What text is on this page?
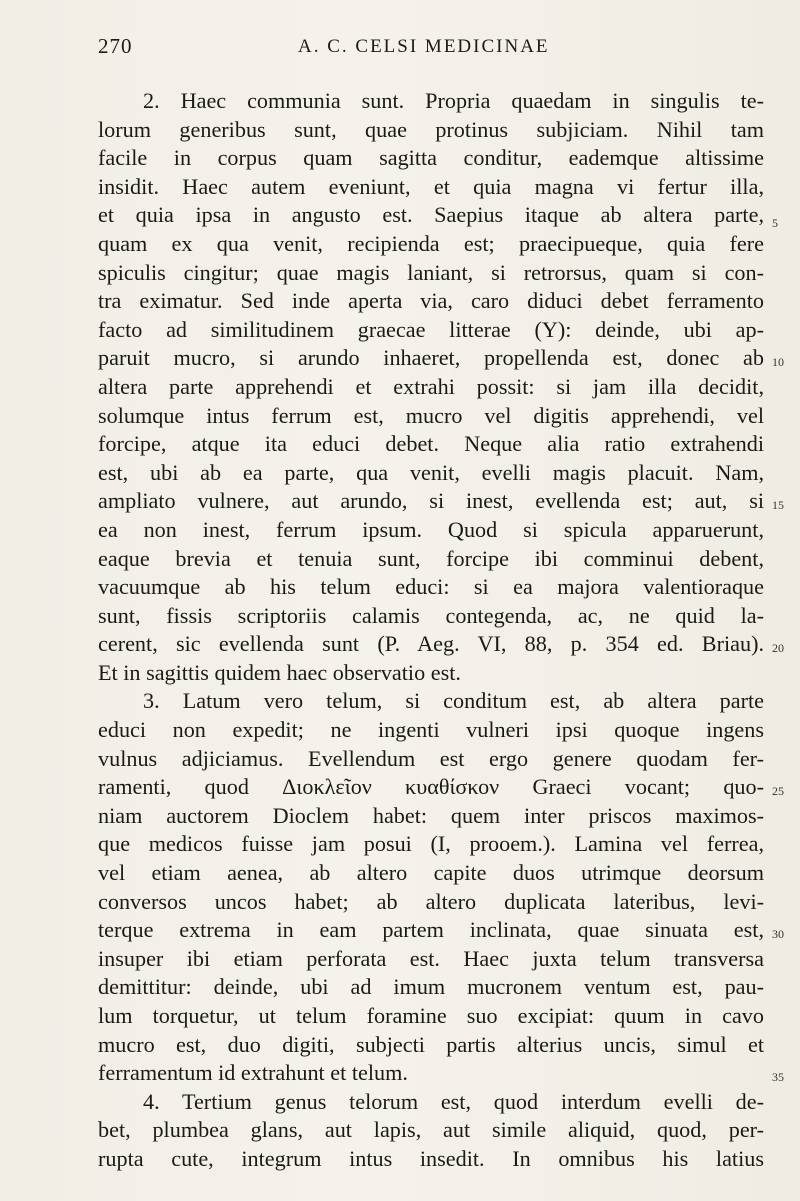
270	A. C. CELSI MEDICINAE
2. Haec communia sunt. Propria quaedam in singulis te-
lorum generibus sunt, quae protinus subjiciam. Nihil tam
facile in corpus quam sagitta conditur, eademque altissime
insidit. Haec autem eveniunt, et quia magna vi fertur illa,
et quia ipsa in angusto est. Saepius itaque ab altera parte,
quam ex qua venit, recipienda est; praecipueque, quia fere
spiculis cingitur; quae magis laniant, si retrorsus, quam si con-
tra eximatur. Sed inde aperta via, caro diduci debet ferramento
facto ad similitudinem graecae litterae (Y): deinde, ubi ap-
paruit mucro, si arundo inhaeret, propellenda est, donec ab
altera parte apprehendi et extrahi possit: si jam illa decidit,
solumque intus ferrum est, mucro vel digitis apprehendi, vel
forcipe, atque ita educi debet. Neque alia ratio extrahendi
est, ubi ab ea parte, qua venit, evelli magis placuit. Nam,
ampliato vulnere, aut arundo, si inest, evellenda est; aut, si
ea non inest, ferrum ipsum. Quod si spicula apparuerunt,
eaque brevia et tenuia sunt, forcipe ibi comminui debent,
vacuumque ab his telum educi: si ea majora valentioraque
sunt, fissis scriptoriis calamis contegenda, ac, ne quid la-
cerent, sic evellenda sunt (P. Aeg. VI, 88, p. 354 ed. Briau).
Et in sagittis quidem haec observatio est.
3. Latum vero telum, si conditum est, ab altera parte
educi non expedit; ne ingenti vulneri ipsi quoque ingens
vulnus adjiciamus. Evellendum est ergo genere quodam fer-
ramenti, quod Διοκλεῖον κυαθίσκον Graeci vocant; quo-
niam auctorem Dioclem habet: quem inter priscos maximos-
que medicos fuisse jam posui (I, prooem.). Lamina vel ferrea,
vel etiam aenea, ab altero capite duos utrimque deorsum
conversos uncos habet; ab altero duplicata lateribus, levi-
terque extrema in eam partem inclinata, quae sinuata est,
insuper ibi etiam perforata est. Haec juxta telum transversa
demittitur: deinde, ubi ad imum mucronem ventum est, pau-
lum torquetur, ut telum foramine suo excipiat: quum in cavo
mucro est, duo digiti, subjecti partis alterius uncis, simul et
ferramentum id extrahunt et telum.
4. Tertium genus telorum est, quod interdum evelli de-
bet, plumbea glans, aut lapis, aut simile aliquid, quod, per-
rupta cute, integrum intus insedit. In omnibus his latius
5
10
15
20
25
30
35
